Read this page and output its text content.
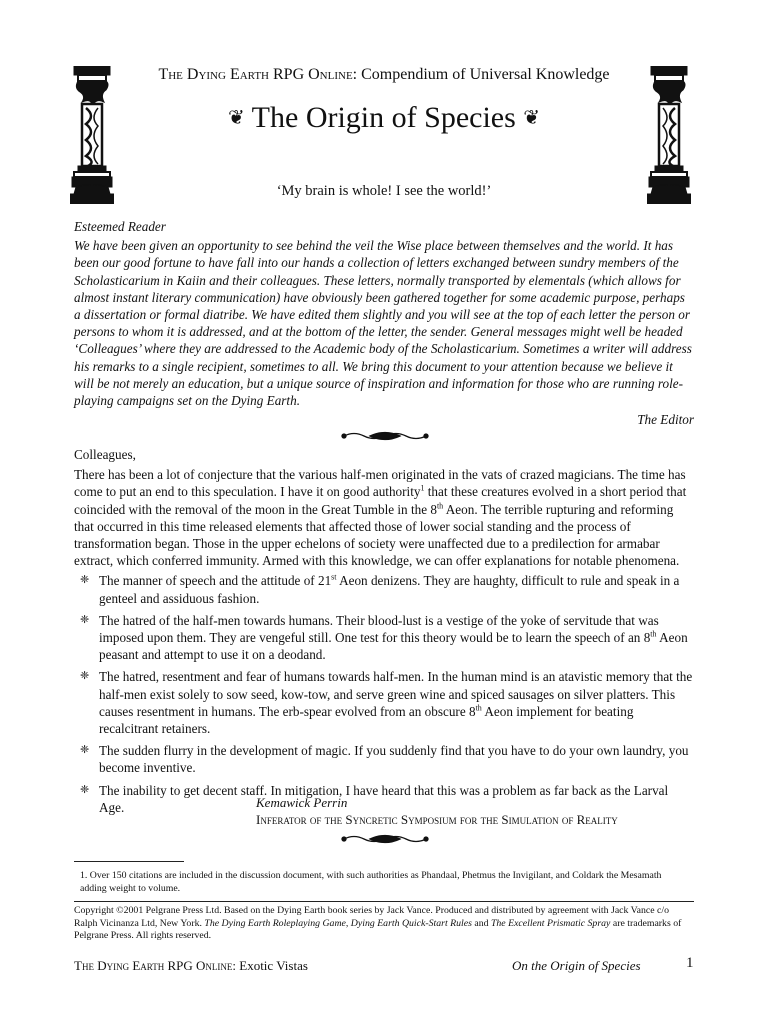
The Dying Earth RPG Online: Compendium of Universal Knowledge
❦ The Origin of Species ❦
‘My brain is whole! I see the world!’

Esteemed Reader

We have been given an opportunity to see behind the veil the Wise place between themselves and the world. It has been our good fortune to have fall into our hands a collection of letters exchanged between sundry members of the Scholasticarium in Kaiin and their colleagues. These letters, normally transported by elementals (which allows for almost instant literary communication) have obviously been gathered together for some academic purpose, perhaps a dissertation or formal diatribe. We have edited them slightly and you will see at the top of each letter the person or persons to whom it is addressed, and at the bottom of the letter, the sender. General messages might well be headed ‘Colleagues’ where they are addressed to the Academic body of the Scholasticarium. Sometimes a writer will address his remarks to a single recipient, sometimes to all. We bring this document to your attention because we believe it will be not merely an education, but a unique source of inspiration and information for those who are running role-playing campaigns set on the Dying Earth.

The Editor

Colleagues,

There has been a lot of conjecture that the various half-men originated in the vats of crazed magicians. The time has come to put an end to this speculation. I have it on good authority$^1$ that these creatures evolved in a short period that coincided with the removal of the moon in the Great Tumble in the 8th Aeon. The terrible rupturing and reforming that occurred in this time released elements that affected those of lower social standing and the process of transformation began. Those in the upper echelons of society were unaffected due to a predilection for armabar extract, which conferred immunity. Armed with this knowledge, we can offer explanations for notable phenomena.

❈ The manner of speech and the attitude of 21st Aeon denizens. They are haughty, difficult to rule and speak in a genteel and assiduous fashion.
❈ The hatred of the half-men towards humans. Their blood-lust is a vestige of the yoke of servitude that was imposed upon them. They are vengeful still. One test for this theory would be to learn the speech of an 8th Aeon peasant and attempt to use it on a deodand.
❈ The hatred, resentment and fear of humans towards half-men. In the human mind is an atavistic memory that the half-men exist solely to sow seed, kow-tow, and serve green wine and spiced sausages on silver platters. This causes resentment in humans. The erb-spear evolved from an obscure 8th Aeon implement for beating recalcitrant retainers.
❈ The sudden flurry in the development of magic. If you suddenly find that you have to do your own laundry, you become inventive.
❈ The inability to get decent staff. In mitigation, I have heard that this was a problem as far back as the Larval Age.	Kemawick Perrin
Inferator of the Syncretic Symposium for the Simulation of Reality
1. Over 150 citations are included in the discussion document, with such authorities as Phandaal, Phetmus the Invigilant, and Coldark the Mesamath adding weight to volume.
Copyright ©2001 Pelgrane Press Ltd. Based on the Dying Earth book series by Jack Vance. Produced and distributed by agreement with Jack Vance c/o Ralph Vicinanza Ltd, New York. The Dying Earth Roleplaying Game, Dying Earth Quick-Start Rules and The Excellent Prismatic Spray are trademarks of Pelgrane Press. All rights reserved.
The Dying Earth RPG Online: Exotic Vistas	On the Origin of Species	1
